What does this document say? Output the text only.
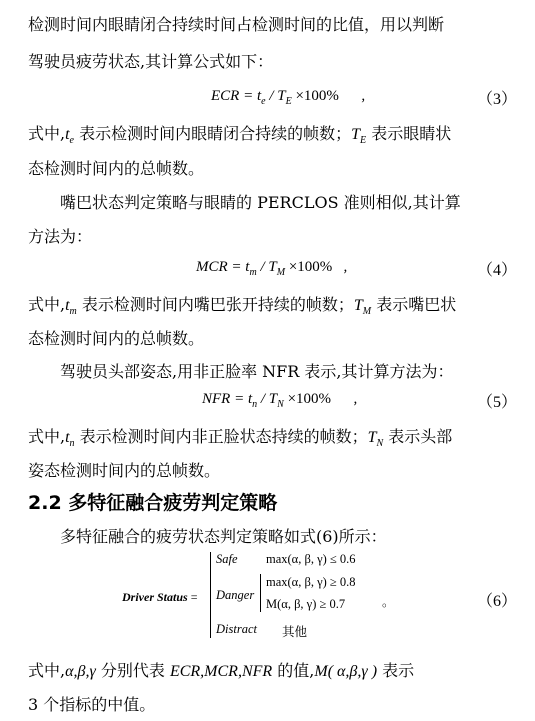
检测时间内眼睛闭合持续时间占检测时间的比值，用以判断
驾驶员疲劳状态,其计算公式如下：
ECR = $t_e / T_E \times 100\%$      ,	（3）
式中$,t_e$ 表示检测时间内眼睛闭合持续的帧数；$T_E$ 表示眼睛状
态检测时间内的总帧数。
嘴巴状态判定策略与眼睛的 PERCLOS 准则相似,其计算
方法为：
MCR = $t_m / T_M \times 100\%$   ,	（4）
式中$,t_m$ 表示检测时间内嘴巴张开持续的帧数；$T_M$ 表示嘴巴状
态检测时间内的总帧数。
驾驶员头部姿态,用非正脸率 NFR 表示,其计算方法为：
NFR = $t_n / T_N \times 100\%$      ,	（5）
式中$,t_n$ 表示检测时间内非正脸状态持续的帧数；$T_N$ 表示头部
姿态检测时间内的总帧数。
2.2 多特征融合疲劳判定策略
多特征融合的疲劳状态判定策略如式(6)所示：
Driver Status =
Safe max(α, β, γ) ≤ 0.6
Danger
max(α, β, γ) ≥ 0.8
M(α, β, γ) ≥ 0.7
Distract 其他
。	（6）
式中,α,β,γ 分别代表 ECR,MCR,NFR 的值,M( α,β,γ ) 表示
3 个指标的中值。
